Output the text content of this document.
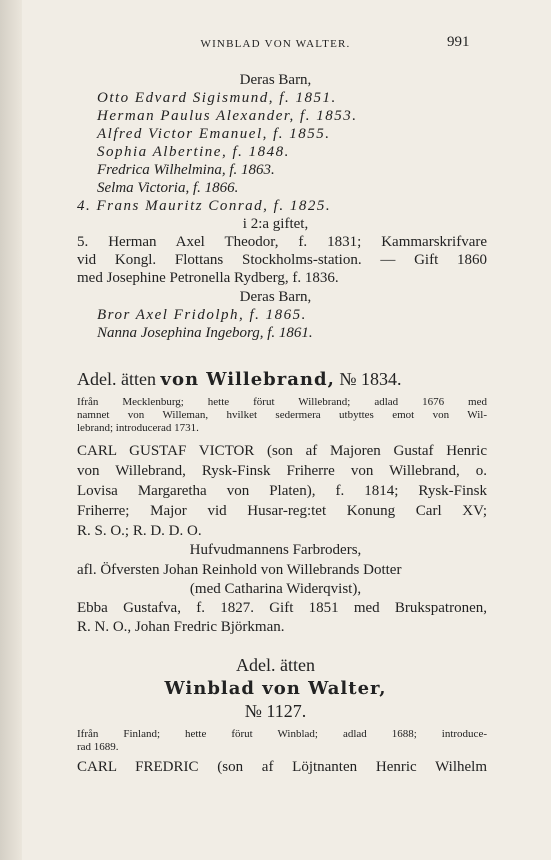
WINBLAD VON WALTER.	991
Deras Barn,
Otto Edvard Sigismund, f. 1851.
Herman Paulus Alexander, f. 1853.
Alfred Victor Emanuel, f. 1855.
Sophia Albertine, f. 1848.
Fredrica Wilhelmina, f. 1863.
Selma Victoria, f. 1866.
4. Frans Mauritz Conrad, f. 1825.
i 2:a giftet,
5. Herman Axel Theodor, f. 1831; Kammarskrifvare
vid Kongl. Flottans Stockholms-station. — Gift 1860
med Josephine Petronella Rydberg, f. 1836.
Deras Barn,
Bror Axel Fridolph, f. 1865.
Nanna Josephina Ingeborg, f. 1861.
Adel. ätten von Willebrand, № 1834.
Ifrån Mecklenburg; hette förut Willebrand; adlad 1676 med
namnet von Willeman, hvilket sedermera utbyttes emot von Wil-
lebrand; introducerad 1731.
CARL GUSTAF VICTOR (son af Majoren Gustaf Henric
von Willebrand, Rysk-Finsk Friherre von Willebrand, o.
Lovisa Margaretha von Platen), f. 1814; Rysk-Finsk
Friherre; Major vid Husar-reg:tet Konung Carl XV;
R. S. O.; R. D. D. O.
Hufvudmannens Farbroders,
afl. Öfversten Johan Reinhold von Willebrands Dotter
(med Catharina Widerqvist),
Ebba Gustafva, f. 1827. Gift 1851 med Brukspatronen,
R. N. O., Johan Fredric Björkman.
Adel. ätten
Winblad von Walter,
№ 1127.
Ifrån Finland; hette förut Winblad; adlad 1688; introduce-
rad 1689.
CARL FREDRIC (son af Löjtnanten Henric Wilhelm
